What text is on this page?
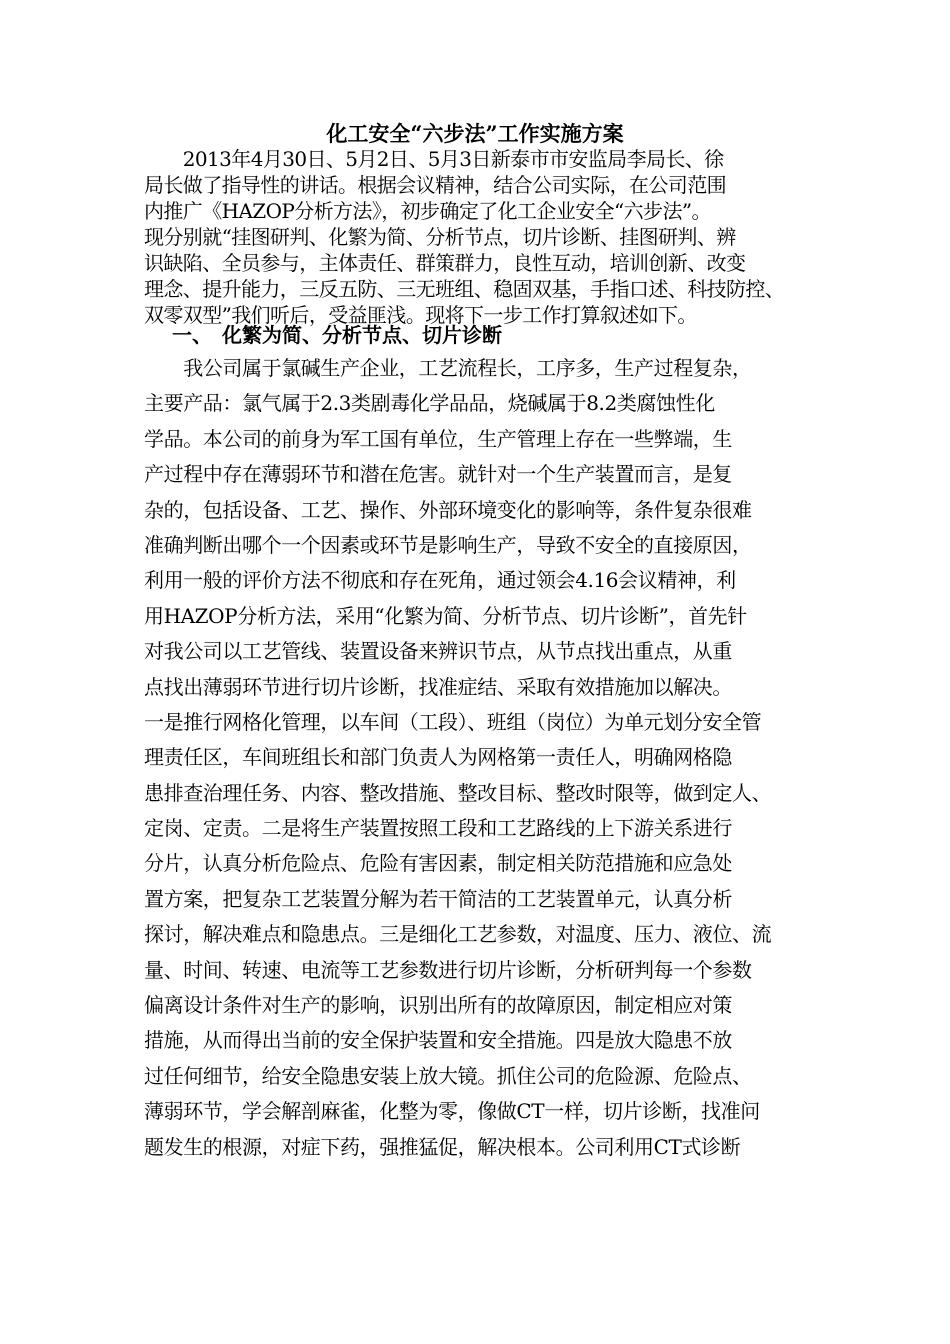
化工安全“六步法”工作实施方案
　　2013年4月30日、5月2日、5月3日新泰市市安监局李局长、徐
局长做了指导性的讲话。根据会议精神，结合公司实际，在公司范围
内推广《HAZOP分析方法》，初步确定了化工企业安全“六步法”。
现分别就“挂图研判、化繁为简、分析节点，切片诊断、挂图研判、辨
识缺陷、全员参与，主体责任、群策群力，良性互动，培训创新、改变
理念、提升能力，三反五防、三无班组、稳固双基，手指口述、科技防控、
双零双型”我们听后，受益匪浅。现将下一步工作打算叙述如下。
一、　化繁为简、分析节点、切片诊断
　　我公司属于氯碱生产企业，工艺流程长，工序多，生产过程复杂，
主要产品：氯气属于2.3类剧毒化学品品，烧碱属于8.2类腐蚀性化
学品。本公司的前身为军工国有单位，生产管理上存在一些弊端，生
产过程中存在薄弱环节和潜在危害。就针对一个生产装置而言，是复
杂的，包括设备、工艺、操作、外部环境变化的影响等，条件复杂很难
准确判断出哪个一个因素或环节是影响生产，导致不安全的直接原因，
利用一般的评价方法不彻底和存在死角，通过领会4.16会议精神，利
用HAZOP分析方法，采用“化繁为简、分析节点、切片诊断”，首先针
对我公司以工艺管线、装置设备来辨识节点，从节点找出重点，从重
点找出薄弱环节进行切片诊断，找准症结、采取有效措施加以解决。
一是推行网格化管理，以车间（工段）、班组（岗位）为单元划分安全管
理责任区，车间班组长和部门负责人为网格第一责任人，明确网格隐
患排查治理任务、内容、整改措施、整改目标、整改时限等，做到定人、
定岗、定责。二是将生产装置按照工段和工艺路线的上下游关系进行
分片，认真分析危险点、危险有害因素，制定相关防范措施和应急处
置方案，把复杂工艺装置分解为若干简洁的工艺装置单元，认真分析
探讨，解决难点和隐患点。三是细化工艺参数，对温度、压力、液位、流
量、时间、转速、电流等工艺参数进行切片诊断，分析研判每一个参数
偏离设计条件对生产的影响，识别出所有的故障原因，制定相应对策
措施，从而得出当前的安全保护装置和安全措施。四是放大隐患不放
过任何细节，给安全隐患安装上放大镜。抓住公司的危险源、危险点、
薄弱环节，学会解剖麻雀，化整为零，像做CT一样，切片诊断，找准问
题发生的根源，对症下药，强推猛促，解决根本。公司利用CT式诊断
